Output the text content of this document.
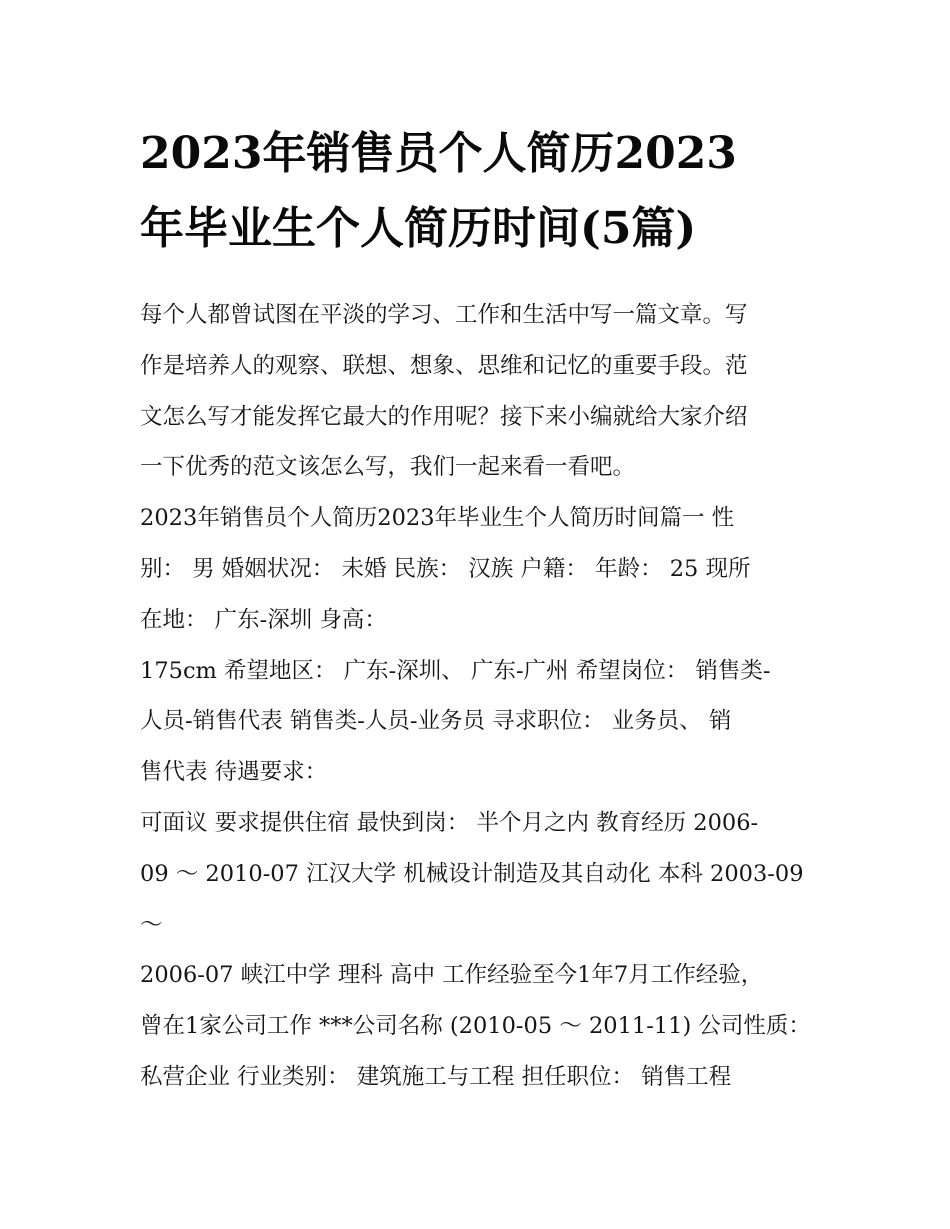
2023年销售员个人简历2023
年毕业生个人简历时间(5篇)
每个人都曾试图在平淡的学习、工作和生活中写一篇文章。写
作是培养人的观察、联想、想象、思维和记忆的重要手段。范
文怎么写才能发挥它最大的作用呢？接下来小编就给大家介绍
一下优秀的范文该怎么写，我们一起来看一看吧。
2023年销售员个人简历2023年毕业生个人简历时间篇一 性
别： 男 婚姻状况： 未婚 民族： 汉族 户籍： 年龄： 25 现所
在地： 广东-深圳 身高：
175cm 希望地区： 广东-深圳、 广东-广州 希望岗位： 销售类-
人员-销售代表 销售类-人员-业务员 寻求职位： 业务员、 销
售代表 待遇要求：
可面议 要求提供住宿 最快到岗： 半个月之内 教育经历 2006-
09 ～ 2010-07 江汉大学 机械设计制造及其自动化 本科 2003-09
～
2006-07 峡江中学 理科 高中 工作经验至今1年7月工作经验，
曾在1家公司工作 ***公司名称 (2010-05 ～ 2011-11) 公司性质：
私营企业 行业类别： 建筑施工与工程 担任职位： 销售工程
